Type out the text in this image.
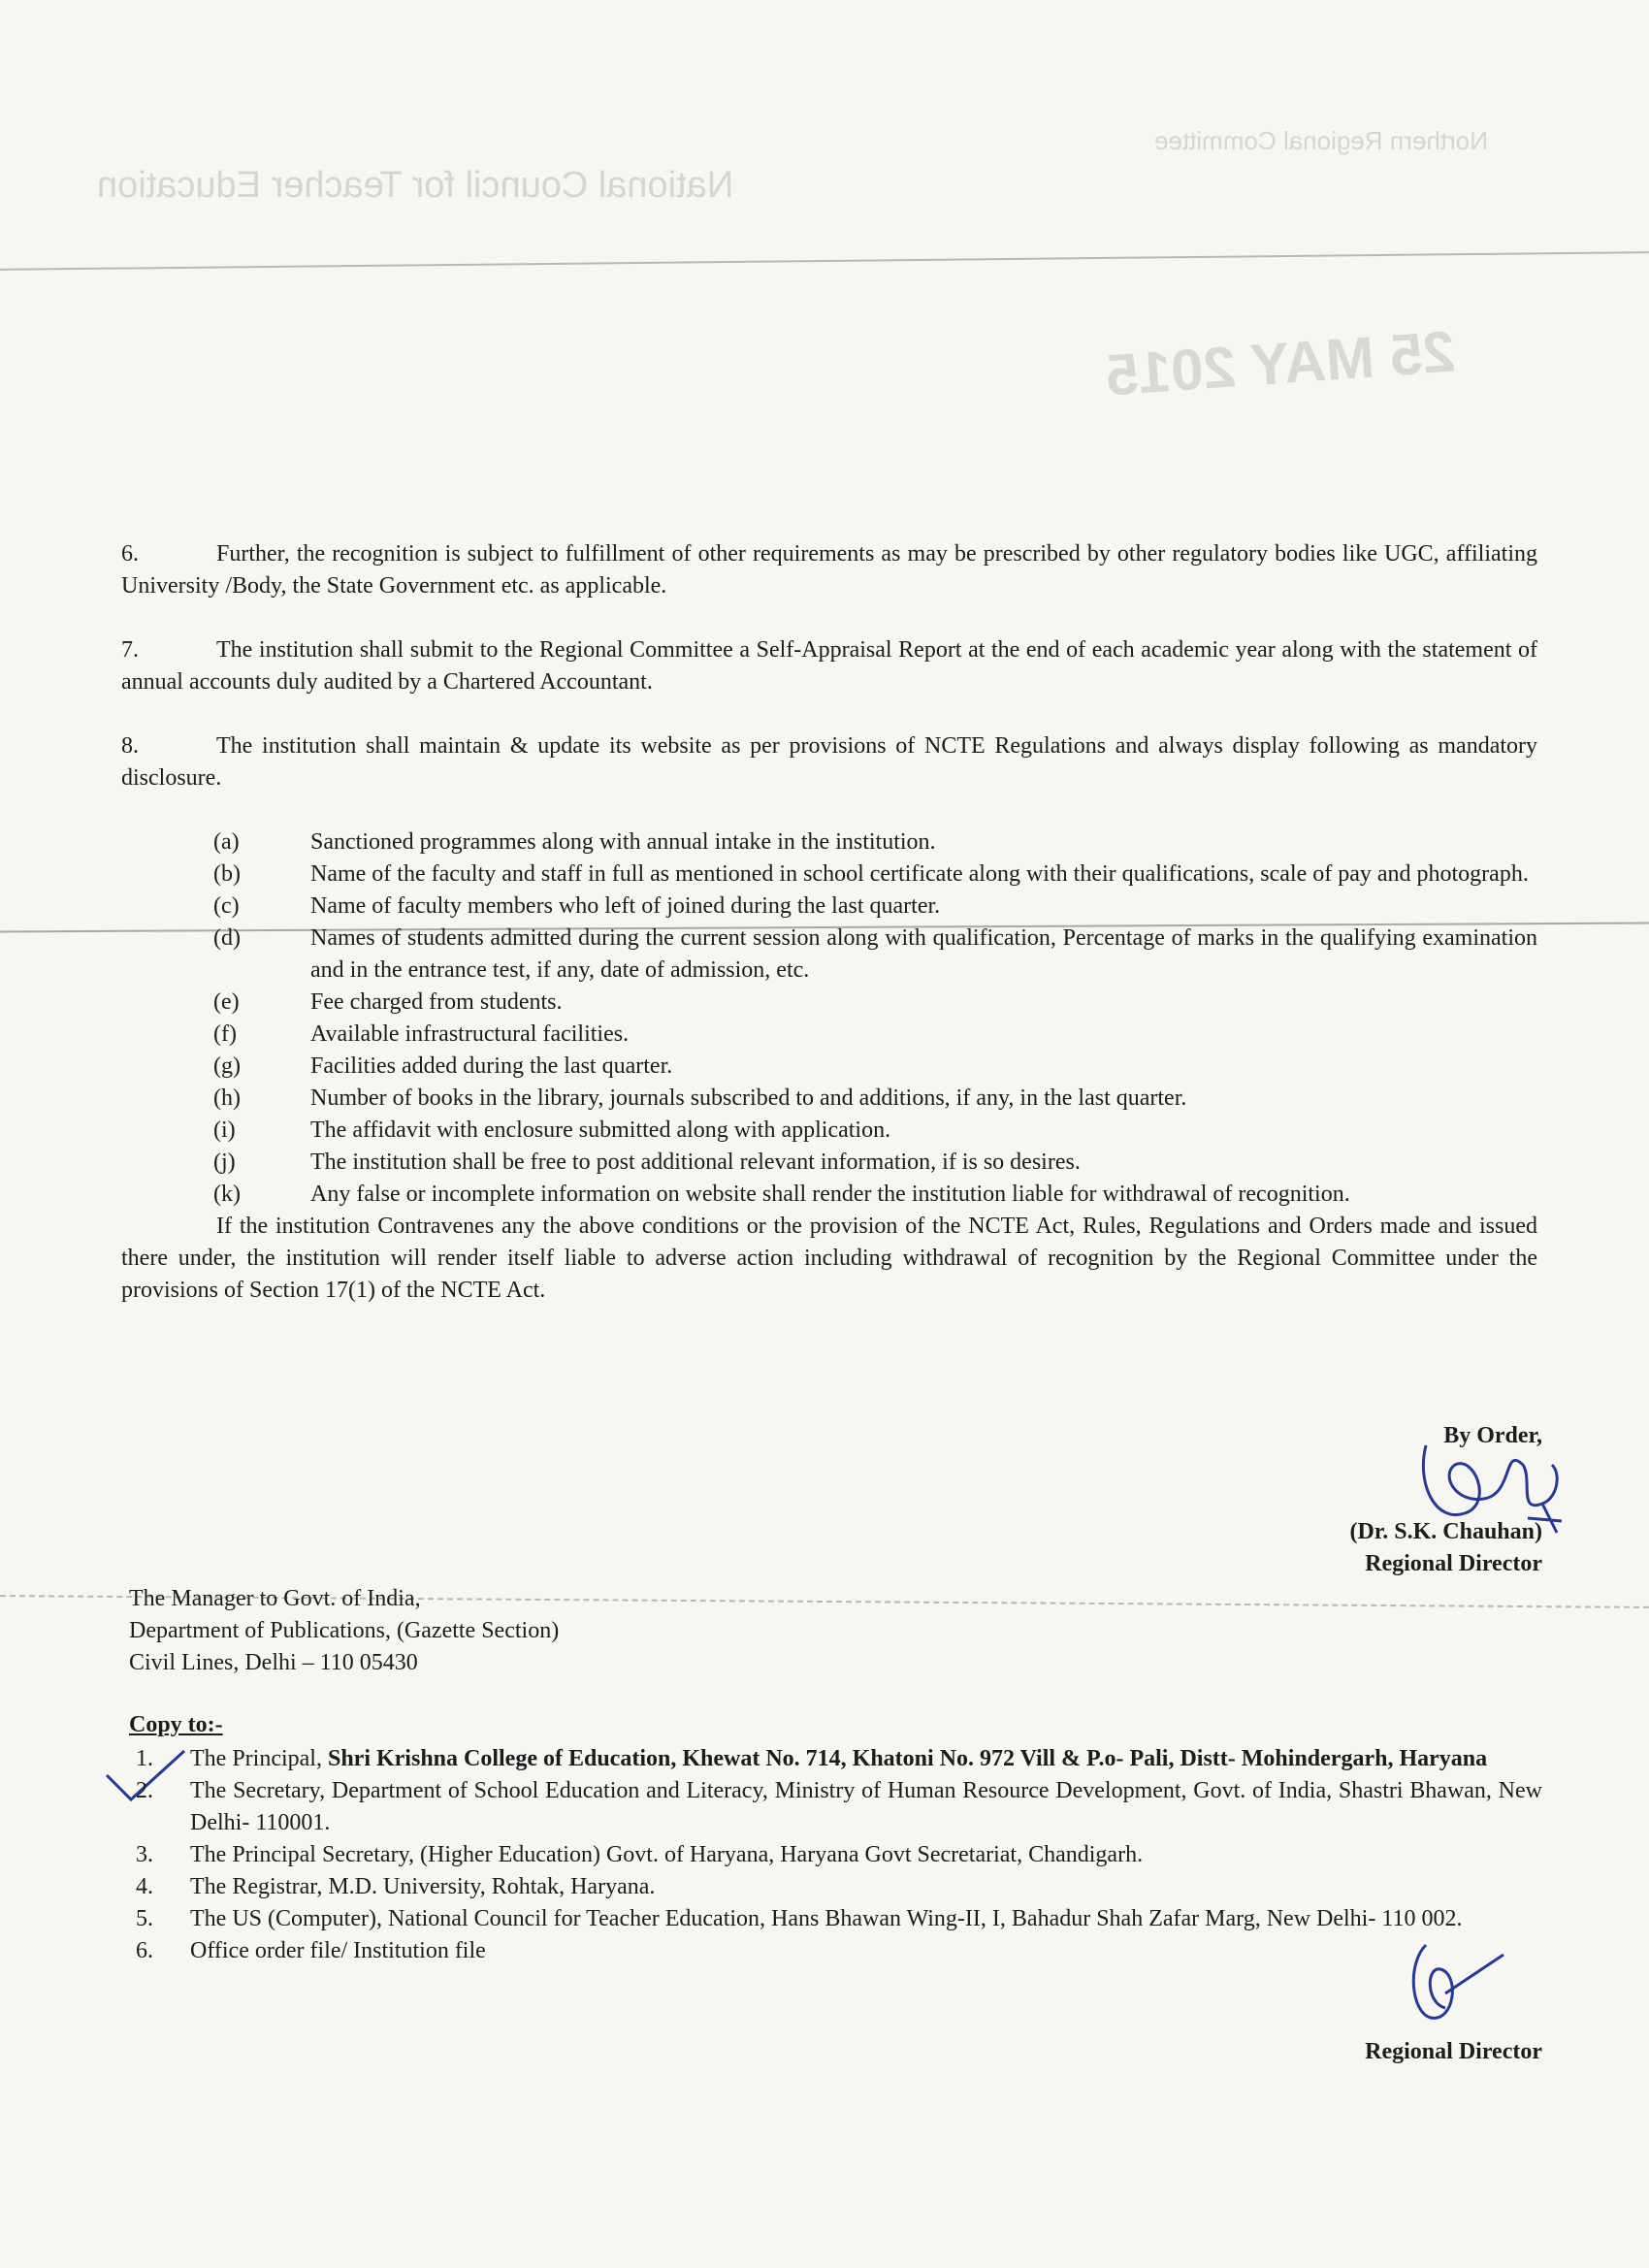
National Council for Teacher Education
Northern Regional Committee
25 MAY 2015

6.	Further, the recognition is subject to fulfillment of other requirements as may be prescribed by other regulatory bodies like UGC, affiliating University /Body, the State Government etc. as applicable.

7.	The institution shall submit to the Regional Committee a Self-Appraisal Report at the end of each academic year along with the statement of annual accounts duly audited by a Chartered Accountant.

8.	The institution shall maintain & update its website as per provisions of NCTE Regulations and always display following as mandatory disclosure.

(a)	Sanctioned programmes along with annual intake in the institution.
(b)	Name of the faculty and staff in full as mentioned in school certificate along with their qualifications, scale of pay and photograph.
(c)	Name of faculty members who left of joined during the last quarter.
(d)	Names of students admitted during the current session along with qualification, Percentage of marks in the qualifying examination and in the entrance test, if any, date of admission, etc.
(e)	Fee charged from students.
(f)	Available infrastructural facilities.
(g)	Facilities added during the last quarter.
(h)	Number of books in the library, journals subscribed to and additions, if any, in the last quarter.
(i)	The affidavit with enclosure submitted along with application.
(j)	The institution shall be free to post additional relevant information, if is so desires.
(k)	Any false or incomplete information on website shall render the institution liable for withdrawal of recognition.

If the institution Contravenes any the above conditions or the provision of the NCTE Act, Rules, Regulations and Orders made and issued there under, the institution will render itself liable to adverse action including withdrawal of recognition by the Regional Committee under the provisions of Section 17(1) of the NCTE Act.

By Order,
(Dr. S.K. Chauhan)
Regional Director
The Manager to Govt. of India,
Department of Publications, (Gazette Section)
Civil Lines, Delhi – 110 05430
Copy to:-
1.	The Principal, Shri Krishna College of Education, Khewat No. 714, Khatoni No. 972 Vill & P.o- Pali, Distt- Mohindergarh, Haryana
2.	The Secretary, Department of School Education and Literacy, Ministry of Human Resource Development, Govt. of India, Shastri Bhawan, New Delhi- 110001.
3.	The Principal Secretary, (Higher Education) Govt. of Haryana, Haryana Govt Secretariat, Chandigarh.
4.	The Registrar, M.D. University, Rohtak, Haryana.
5.	The US (Computer), National Council for Teacher Education, Hans Bhawan Wing-II, I, Bahadur Shah Zafar Marg, New Delhi- 110 002.
6.	Office order file/ Institution file
Regional Director
